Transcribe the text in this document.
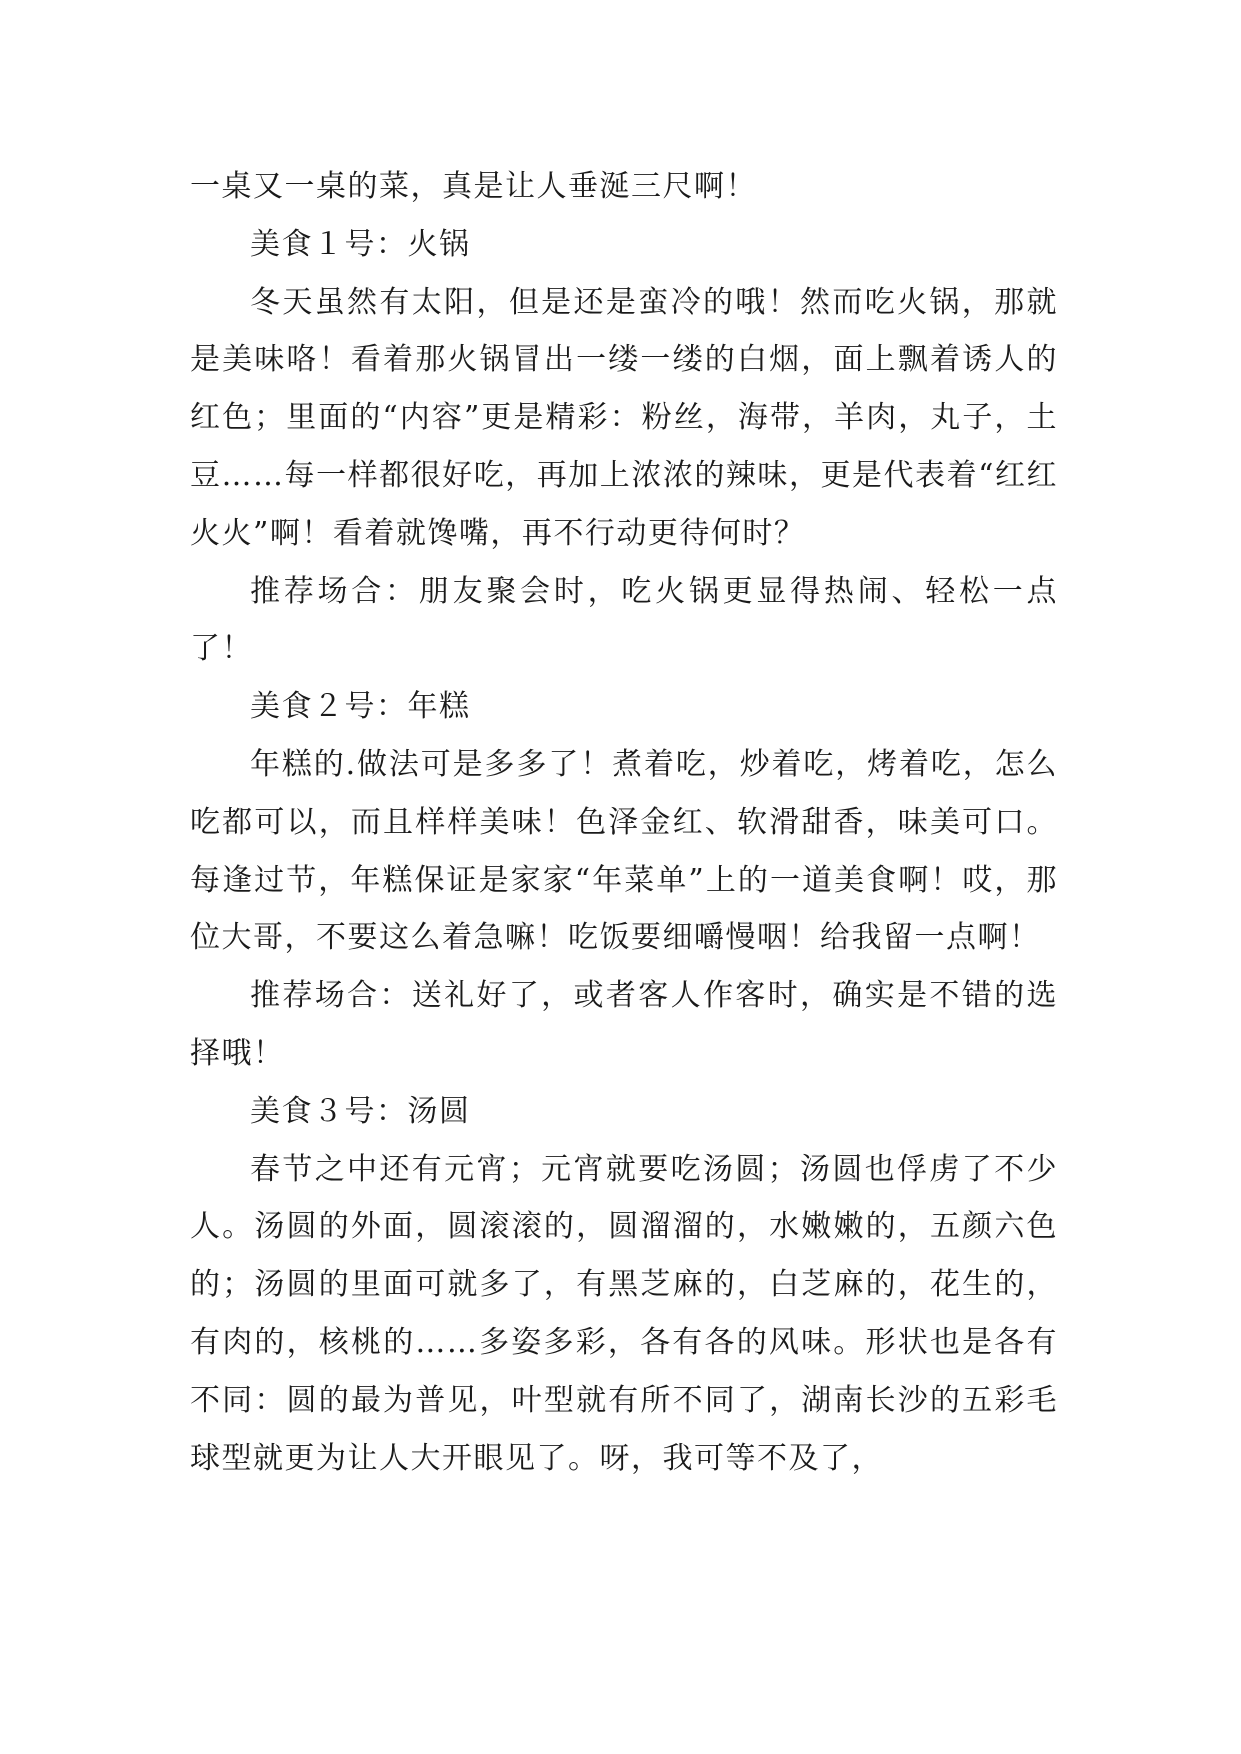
一桌又一桌的菜，真是让人垂涎三尺啊！

美食１号：火锅

冬天虽然有太阳，但是还是蛮冷的哦！然而吃火锅，那就是美味咯！看着那火锅冒出一缕一缕的白烟，面上飘着诱人的红色；里面的“内容”更是精彩：粉丝，海带，羊肉，丸子，土豆……每一样都很好吃，再加上浓浓的辣味，更是代表着“红红火火”啊！看着就馋嘴，再不行动更待何时？

推荐场合：朋友聚会时，吃火锅更显得热闹、轻松一点了！

美食２号：年糕

年糕的.做法可是多多了！煮着吃，炒着吃，烤着吃，怎么吃都可以，而且样样美味！色泽金红、软滑甜香，味美可口。每逢过节，年糕保证是家家“年菜单”上的一道美食啊！哎，那位大哥，不要这么着急嘛！吃饭要细嚼慢咽！给我留一点啊！

推荐场合：送礼好了，或者客人作客时，确实是不错的选择哦！

美食３号：汤圆

春节之中还有元宵；元宵就要吃汤圆；汤圆也俘虏了不少人。汤圆的外面，圆滚滚的，圆溜溜的，水嫩嫩的，五颜六色的；汤圆的里面可就多了，有黑芝麻的，白芝麻的，花生的，有肉的，核桃的……多姿多彩，各有各的风味。形状也是各有不同：圆的最为普见，叶型就有所不同了，湖南长沙的五彩毛球型就更为让人大开眼见了。呀，我可等不及了，
